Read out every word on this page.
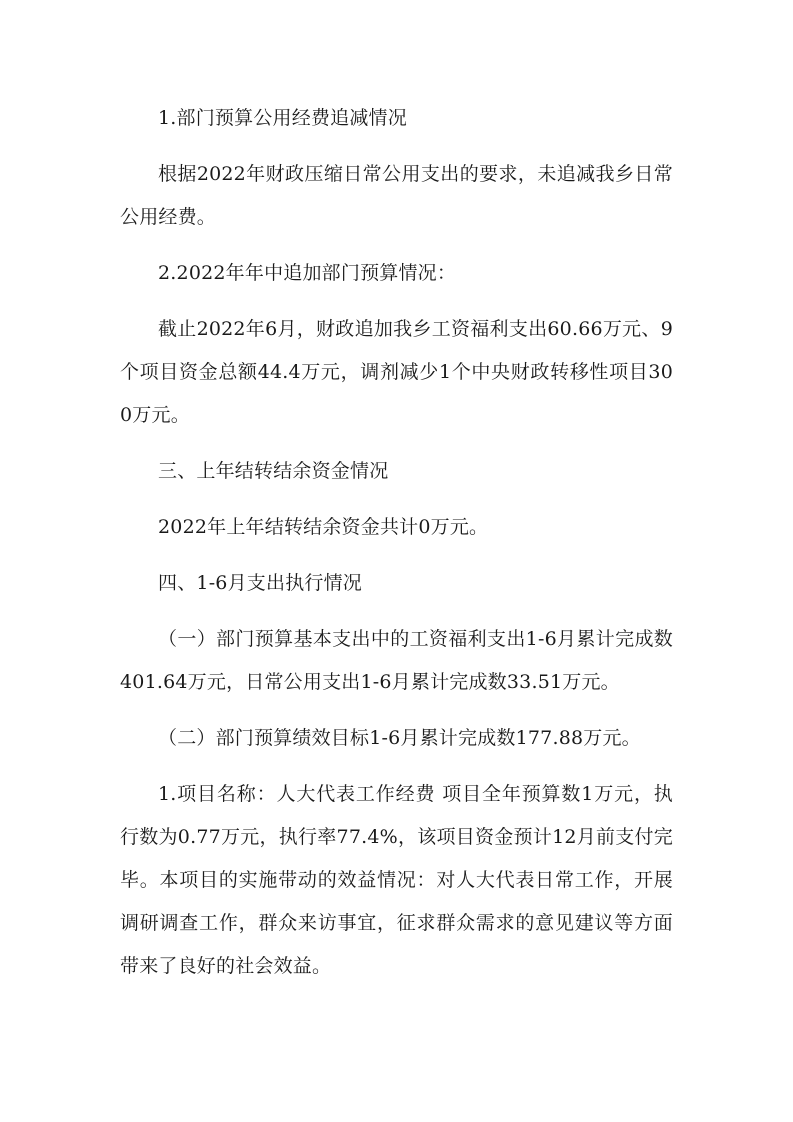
1.部门预算公用经费追减情况

根据2022年财政压缩日常公用支出的要求，未追减我乡日常公用经费。

2.2022年年中追加部门预算情况：

截止2022年6月，财政追加我乡工资福利支出60.66万元、9个项目资金总额44.4万元，调剂减少1个中央财政转移性项目300万元。

三、上年结转结余资金情况

2022年上年结转结余资金共计0万元。

四、1-6月支出执行情况

（一）部门预算基本支出中的工资福利支出1-6月累计完成数401.64万元，日常公用支出1-6月累计完成数33.51万元。

（二）部门预算绩效目标1-6月累计完成数177.88万元。

1.项目名称：人大代表工作经费 项目全年预算数1万元，执行数为0.77万元，执行率77.4%，该项目资金预计12月前支付完毕。本项目的实施带动的效益情况：对人大代表日常工作，开展调研调查工作，群众来访事宜，征求群众需求的意见建议等方面带来了良好的社会效益。
